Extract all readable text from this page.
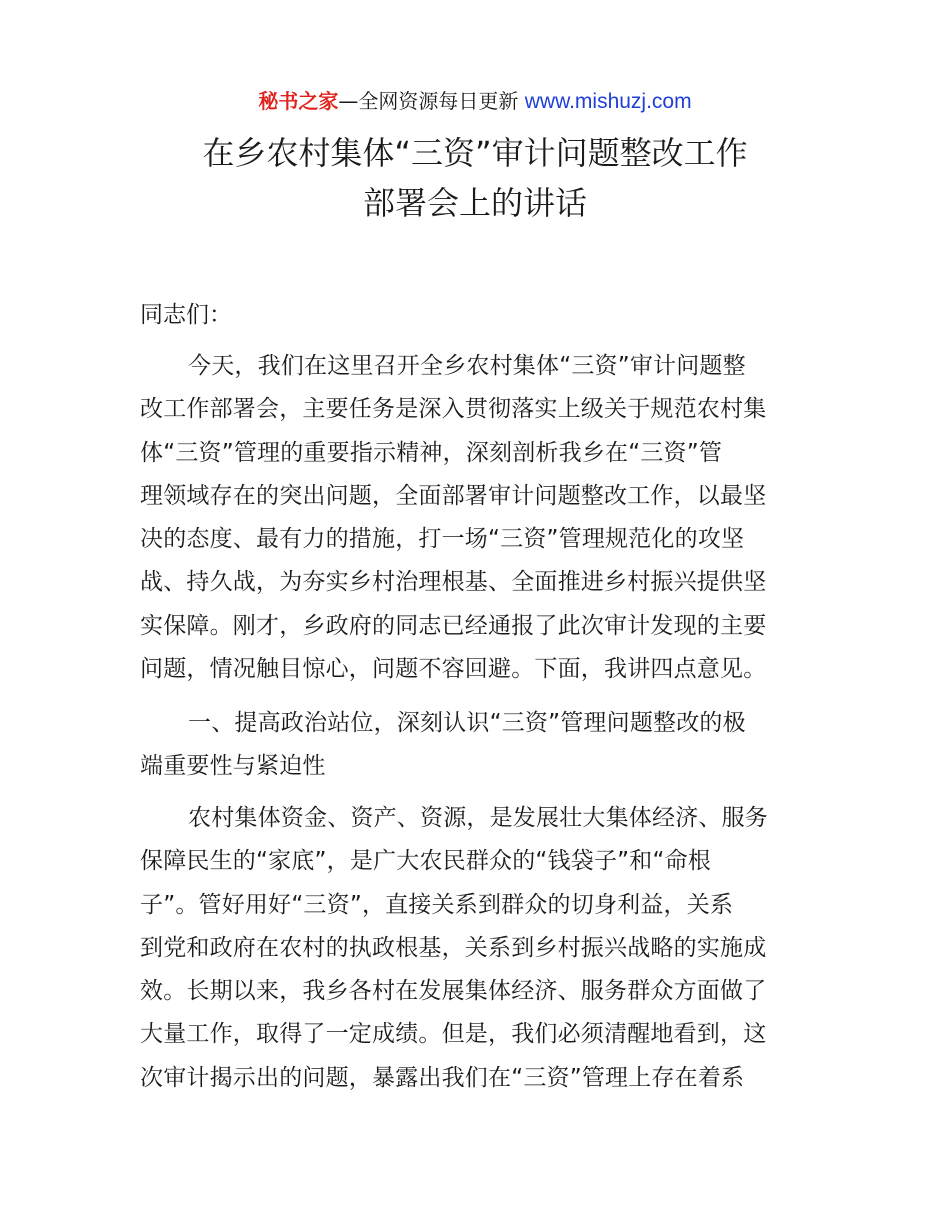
秘书之家—全网资源每日更新 www.mishuzj.com
在乡农村集体“三资”审计问题整改工作
部署会上的讲话
同志们：
今天，我们在这里召开全乡农村集体“三资”审计问题整
改工作部署会，主要任务是深入贯彻落实上级关于规范农村集
体“三资”管理的重要指示精神，深刻剖析我乡在“三资”管
理领域存在的突出问题，全面部署审计问题整改工作，以最坚
决的态度、最有力的措施，打一场“三资”管理规范化的攻坚
战、持久战，为夯实乡村治理根基、全面推进乡村振兴提供坚
实保障。刚才，乡政府的同志已经通报了此次审计发现的主要
问题，情况触目惊心，问题不容回避。下面，我讲四点意见。
一、提高政治站位，深刻认识“三资”管理问题整改的极
端重要性与紧迫性
农村集体资金、资产、资源，是发展壮大集体经济、服务
保障民生的“家底”，是广大农民群众的“钱袋子”和“命根
子”。管好用好“三资”，直接关系到群众的切身利益，关系
到党和政府在农村的执政根基，关系到乡村振兴战略的实施成
效。长期以来，我乡各村在发展集体经济、服务群众方面做了
大量工作，取得了一定成绩。但是，我们必须清醒地看到，这
次审计揭示出的问题，暴露出我们在“三资”管理上存在着系
